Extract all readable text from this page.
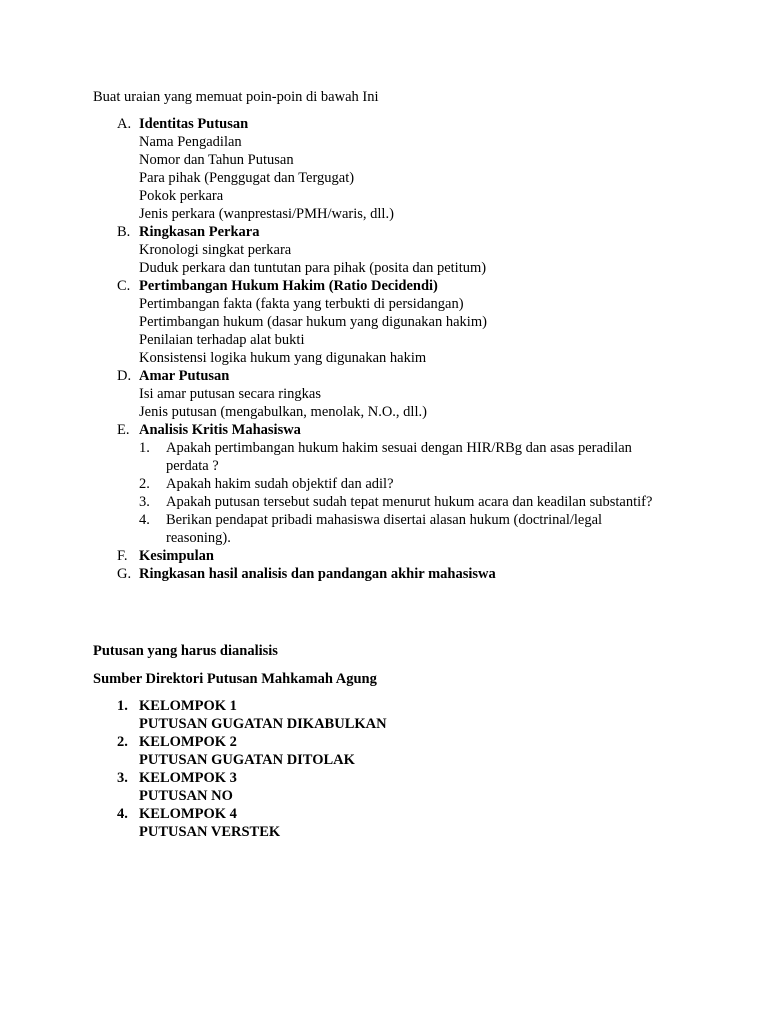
Buat uraian yang memuat poin-poin di bawah Ini
A. Identitas Putusan
Nama Pengadilan
Nomor dan Tahun Putusan
Para pihak (Penggugat dan Tergugat)
Pokok perkara
Jenis perkara (wanprestasi/PMH/waris, dll.)
B. Ringkasan Perkara
Kronologi singkat perkara
Duduk perkara dan tuntutan para pihak (posita dan petitum)
C. Pertimbangan Hukum Hakim (Ratio Decidendi)
Pertimbangan fakta (fakta yang terbukti di persidangan)
Pertimbangan hukum (dasar hukum yang digunakan hakim)
Penilaian terhadap alat bukti
Konsistensi logika hukum yang digunakan hakim
D. Amar Putusan
Isi amar putusan secara ringkas
Jenis putusan (mengabulkan, menolak, N.O., dll.)
E. Analisis Kritis Mahasiswa
1.	Apakah pertimbangan hukum hakim sesuai dengan HIR/RBg dan asas peradilan perdata ?
2.	Apakah hakim sudah objektif dan adil?
3.	Apakah putusan tersebut sudah tepat menurut hukum acara dan keadilan substantif?
4.	Berikan pendapat pribadi mahasiswa disertai alasan hukum (doctrinal/legal reasoning).
F. Kesimpulan
G. Ringkasan hasil analisis dan pandangan akhir mahasiswa
Putusan yang harus dianalisis
Sumber Direktori Putusan Mahkamah Agung
1. KELOMPOK 1
PUTUSAN GUGATAN DIKABULKAN
2. KELOMPOK 2
PUTUSAN GUGATAN DITOLAK
3. KELOMPOK 3
PUTUSAN NO
4. KELOMPOK 4
PUTUSAN VERSTEK
